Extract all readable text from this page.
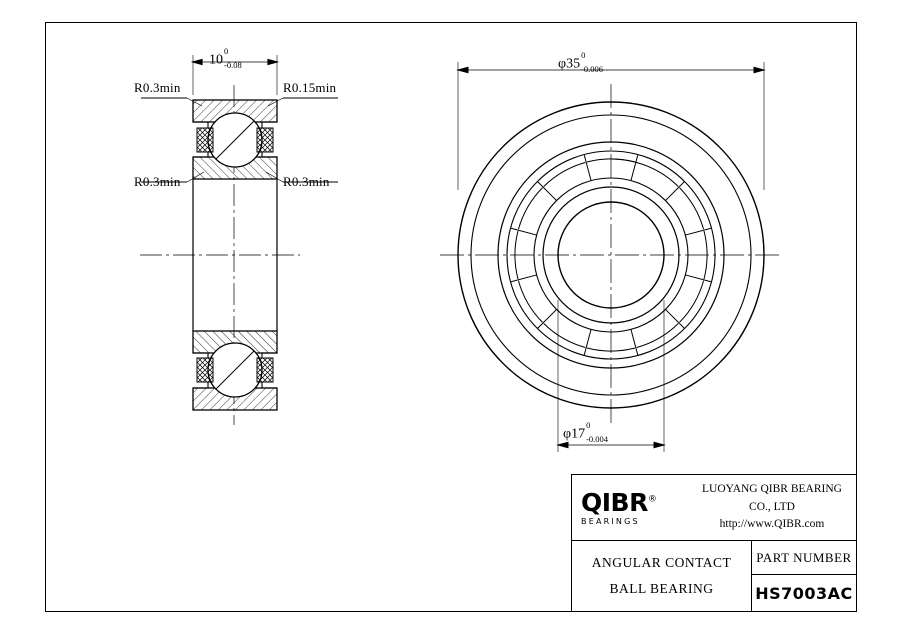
R0.3min	R0.15min
R0.3min	R0.3min
10
0
-0.08	φ35
0
-0.006
φ17
0
-0.004
QIBR®
BEARINGS
LUOYANG QIBR BEARING CO., LTD
http://www.QIBR.com
ANGULAR CONTACT
BALL BEARING
PART NUMBER
HS7003AC
